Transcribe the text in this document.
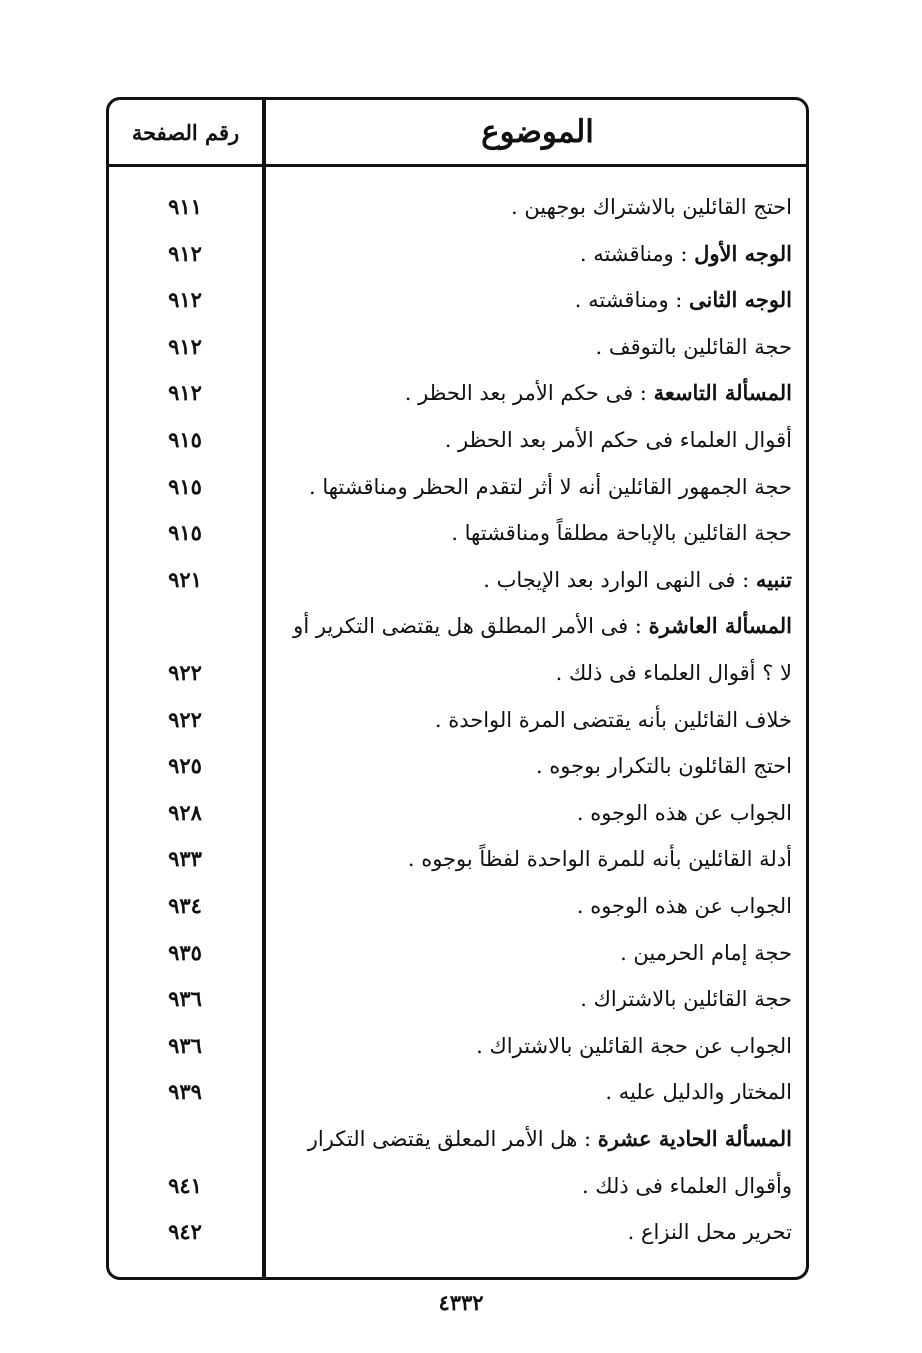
الموضوع
رقم الصفحة
احتج القائلين بالاشتراك بوجهين .
٩١١
الوجه الأول : ومناقشته .
٩١٢
الوجه الثانى : ومناقشته .
٩١٢
حجة القائلين بالتوقف .
٩١٢
المسألة التاسعة : فى حكم الأمر بعد الحظر .
٩١٢
أقوال العلماء فى حكم الأمر بعد الحظر .
٩١٥
حجة الجمهور القائلين أنه لا أثر لتقدم الحظر ومناقشتها .
٩١٥
حجة القائلين بالإباحة مطلقاً ومناقشتها .
٩١٥
تنبيه : فى النهى الوارد بعد الإيجاب .
٩٢١
المسألة العاشرة : فى الأمر المطلق هل يقتضى التكرير أو
لا ؟ أقوال العلماء فى ذلك .
٩٢٢
خلاف القائلين بأنه يقتضى المرة الواحدة .
٩٢٢
احتج القائلون بالتكرار بوجوه .
٩٢٥
الجواب عن هذه الوجوه .
٩٢٨
أدلة القائلين بأنه للمرة الواحدة لفظاً بوجوه .
٩٣٣
الجواب عن هذه الوجوه .
٩٣٤
حجة إمام الحرمين .
٩٣٥
حجة القائلين بالاشتراك .
٩٣٦
الجواب عن حجة القائلين بالاشتراك .
٩٣٦
المختار والدليل عليه .
٩٣٩
المسألة الحادية عشرة : هل الأمر المعلق يقتضى التكرار
وأقوال العلماء فى ذلك .
٩٤١
تحرير محل النزاع .
٩٤٢
٤٣٣٢
